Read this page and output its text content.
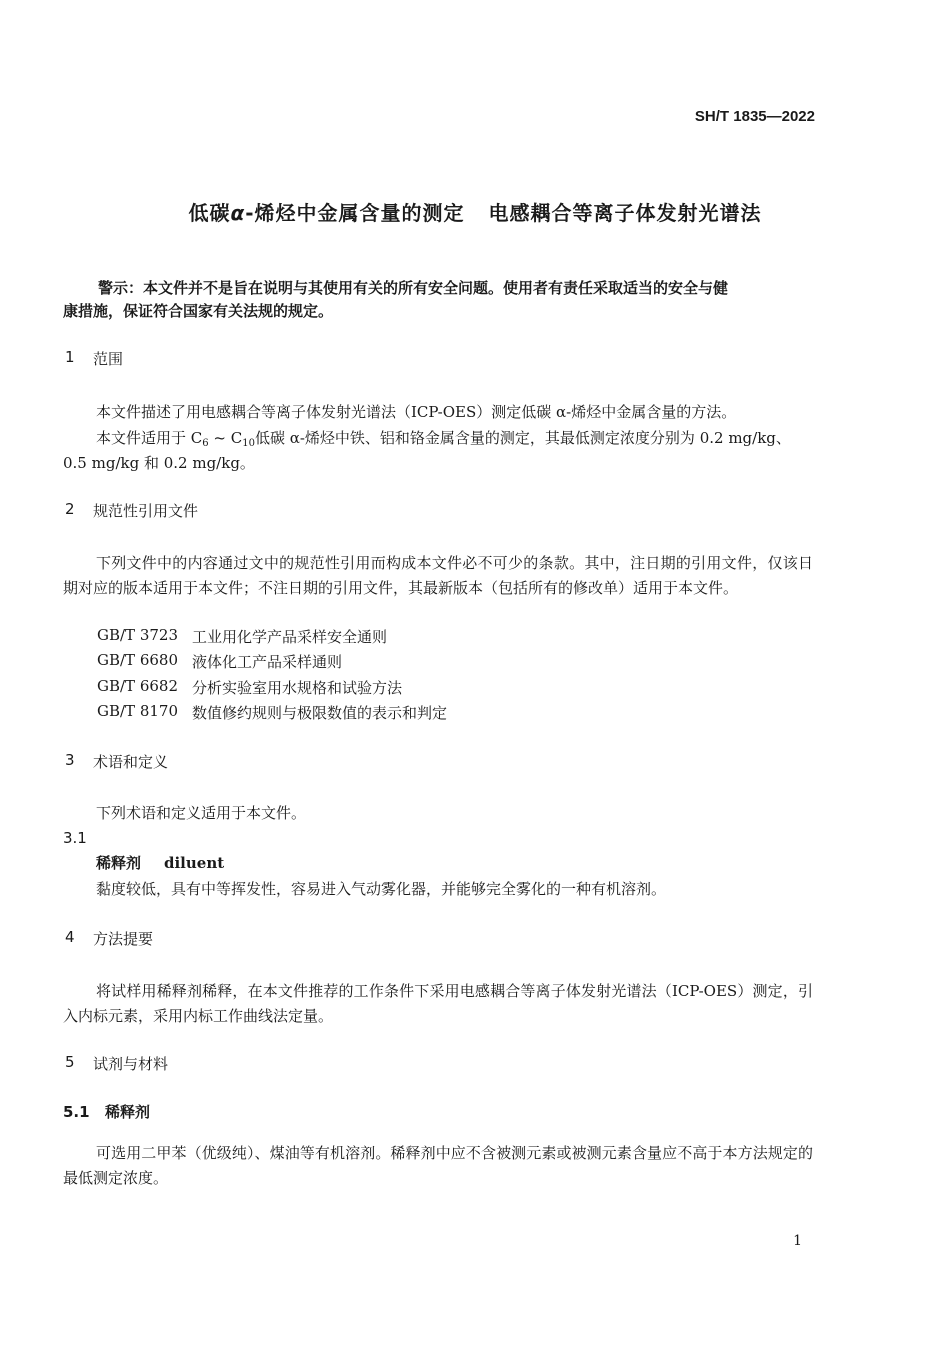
SH/T 1835—2022
低碳α-烯烃中金属含量的测定 电感耦合等离子体发射光谱法
警示：本文件并不是旨在说明与其使用有关的所有安全问题。使用者有责任采取适当的安全与健
康措施，保证符合国家有关法规的规定。
1 范围
本文件描述了用电感耦合等离子体发射光谱法（ICP-OES）测定低碳 α-烯烃中金属含量的方法。
本文件适用于 $C_6$ ~ $C_{10}$低碳 α-烯烃中铁、铝和铬金属含量的测定，其最低测定浓度分别为 0.2 mg/kg、
0.5 mg/kg 和 0.2 mg/kg。
2 规范性引用文件
下列文件中的内容通过文中的规范性引用而构成本文件必不可少的条款。其中，注日期的引用文件，仅该日期对应的版本适用于本文件；不注日期的引用文件，其最新版本（包括所有的修改单）适用于本文件。
GB/T 3723 工业用化学产品采样安全通则
GB/T 6680 液体化工产品采样通则
GB/T 6682 分析实验室用水规格和试验方法
GB/T 8170 数值修约规则与极限数值的表示和判定
3 术语和定义
下列术语和定义适用于本文件。
3.1
稀释剂 diluent
黏度较低，具有中等挥发性，容易进入气动雾化器，并能够完全雾化的一种有机溶剂。
4 方法提要
将试样用稀释剂稀释，在本文件推荐的工作条件下采用电感耦合等离子体发射光谱法（ICP-OES）测定，引入内标元素，采用内标工作曲线法定量。
5 试剂与材料
5.1 稀释剂
可选用二甲苯（优级纯）、煤油等有机溶剂。稀释剂中应不含被测元素或被测元素含量应不高于本方法规定的最低测定浓度。
1
